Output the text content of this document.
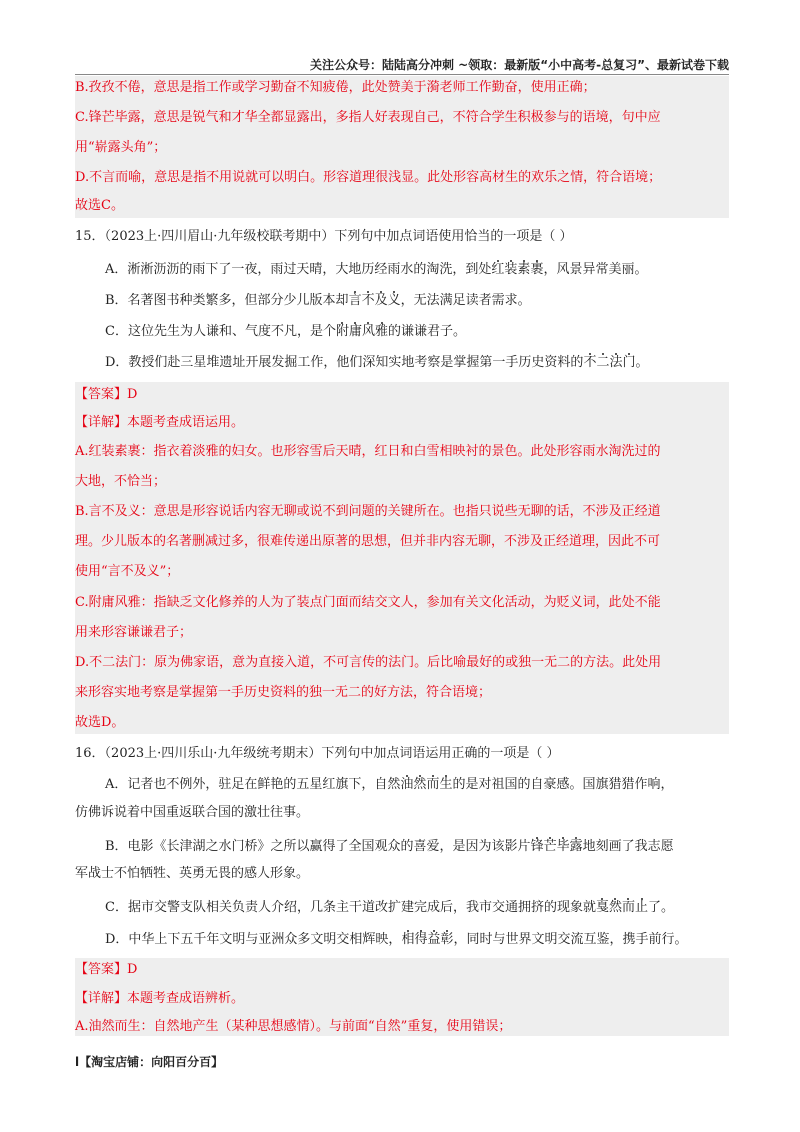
关注公众号：陆陆高分冲刺 ~领取：最新版“小中高考-总复习”、最新试卷下载
B.孜孜不倦，意思是指工作或学习勤奋不知疲倦，此处赞美于漪老师工作勤奋，使用正确；
C.锋芒毕露，意思是锐气和才华全都显露出，多指人好表现自己，不符合学生积极参与的语境，句中应
用“崭露头角”；
D.不言而喻，意思是指不用说就可以明白。形容道理很浅显。此处形容高材生的欢乐之情，符合语境；
故选C。
15．（2023上·四川眉山·九年级校联考期中）下列句中加点词语使用恰当的一项是（ ）
A．淅淅沥沥的雨下了一夜，雨过天晴，大地历经雨水的淘洗，到处红装素裹，风景异常美丽。
B．名著图书种类繁多，但部分少儿版本却言不及义，无法满足读者需求。
C．这位先生为人谦和、气度不凡，是个附庸风雅的谦谦君子。
D．教授们赴三星堆遗址开展发掘工作，他们深知实地考察是掌握第一手历史资料的不二法门。
【答案】D
【详解】本题考查成语运用。
A.红装素裹：指衣着淡雅的妇女。也形容雪后天晴，红日和白雪相映衬的景色。此处形容雨水淘洗过的
大地，不恰当；
B.言不及义：意思是形容说话内容无聊或说不到问题的关键所在。也指只说些无聊的话，不涉及正经道
理。少儿版本的名著删减过多，很难传递出原著的思想，但并非内容无聊，不涉及正经道理，因此不可
使用“言不及义”；
C.附庸风雅：指缺乏文化修养的人为了装点门面而结交文人，参加有关文化活动，为贬义词，此处不能
用来形容谦谦君子；
D.不二法门：原为佛家语，意为直接入道，不可言传的法门。后比喻最好的或独一无二的方法。此处用
来形容实地考察是掌握第一手历史资料的独一无二的好方法，符合语境；
故选D。
16．（2023上·四川乐山·九年级统考期末）下列句中加点词语运用正确的一项是（ ）
A．记者也不例外，驻足在鲜艳的五星红旗下，自然油然而生的是对祖国的自豪感。国旗猎猎作响，
仿佛诉说着中国重返联合国的激壮往事。
B．电影《长津湖之水门桥》之所以赢得了全国观众的喜爱，是因为该影片锋芒毕露地刻画了我志愿
军战士不怕牺牲、英勇无畏的感人形象。
C．据市交警支队相关负责人介绍，几条主干道改扩建完成后，我市交通拥挤的现象就戛然而止了。
D．中华上下五千年文明与亚洲众多文明交相辉映，相得益彰，同时与世界文明交流互鉴，携手前行。
【答案】D
【详解】本题考查成语辨析。
A.油然而生：自然地产生（某种思想感情）。与前面“自然”重复，使用错误；
l【淘宝店铺：向阳百分百】
